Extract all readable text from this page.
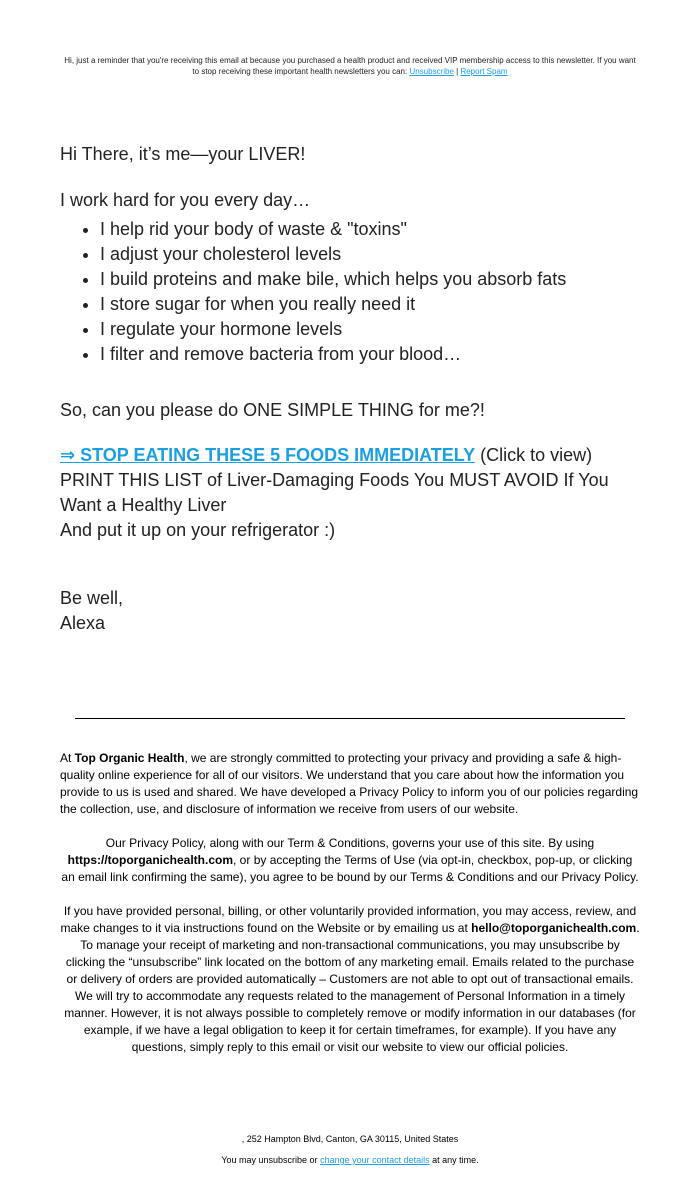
Hi, just a reminder that you're receiving this email at because you purchased a health product and received VIP membership access to this newsletter. If you want to stop receiving these important health newsletters you can: Unsubscribe | Report Spam

Hi There, it’s me—your LIVER!

I work hard for you every day…

• I help rid your body of waste & "toxins"
• I adjust your cholesterol levels
• I build proteins and make bile, which helps you absorb fats
• I store sugar for when you really need it
• I regulate your hormone levels
• I filter and remove bacteria from your blood…

So, can you please do ONE SIMPLE THING for me?!

⇒ STOP EATING THESE 5 FOODS IMMEDIATELY (Click to view)

PRINT THIS LIST of Liver-Damaging Foods You MUST AVOID If You Want a Healthy Liver

And put it up on your refrigerator :)

Be well,

Alexa

At Top Organic Health, we are strongly committed to protecting your privacy and providing a safe & high-quality online experience for all of our visitors. We understand that you care about how the information you provide to us is used and shared. We have developed a Privacy Policy to inform you of our policies regarding the collection, use, and disclosure of information we receive from users of our website.

Our Privacy Policy, along with our Term & Conditions, governs your use of this site. By using https://toporganichealth.com, or by accepting the Terms of Use (via opt-in, checkbox, pop-up, or clicking an email link confirming the same), you agree to be bound by our Terms & Conditions and our Privacy Policy.

If you have provided personal, billing, or other voluntarily provided information, you may access, review, and make changes to it via instructions found on the Website or by emailing us at hello@toporganichealth.com. To manage your receipt of marketing and non-transactional communications, you may unsubscribe by clicking the “unsubscribe” link located on the bottom of any marketing email. Emails related to the purchase or delivery of orders are provided automatically – Customers are not able to opt out of transactional emails. We will try to accommodate any requests related to the management of Personal Information in a timely manner. However, it is not always possible to completely remove or modify information in our databases (for example, if we have a legal obligation to keep it for certain timeframes, for example). If you have any questions, simply reply to this email or visit our website to view our official policies.

, 252 Hampton Blvd, Canton, GA 30115, United States
You may unsubscribe or change your contact details at any time.
